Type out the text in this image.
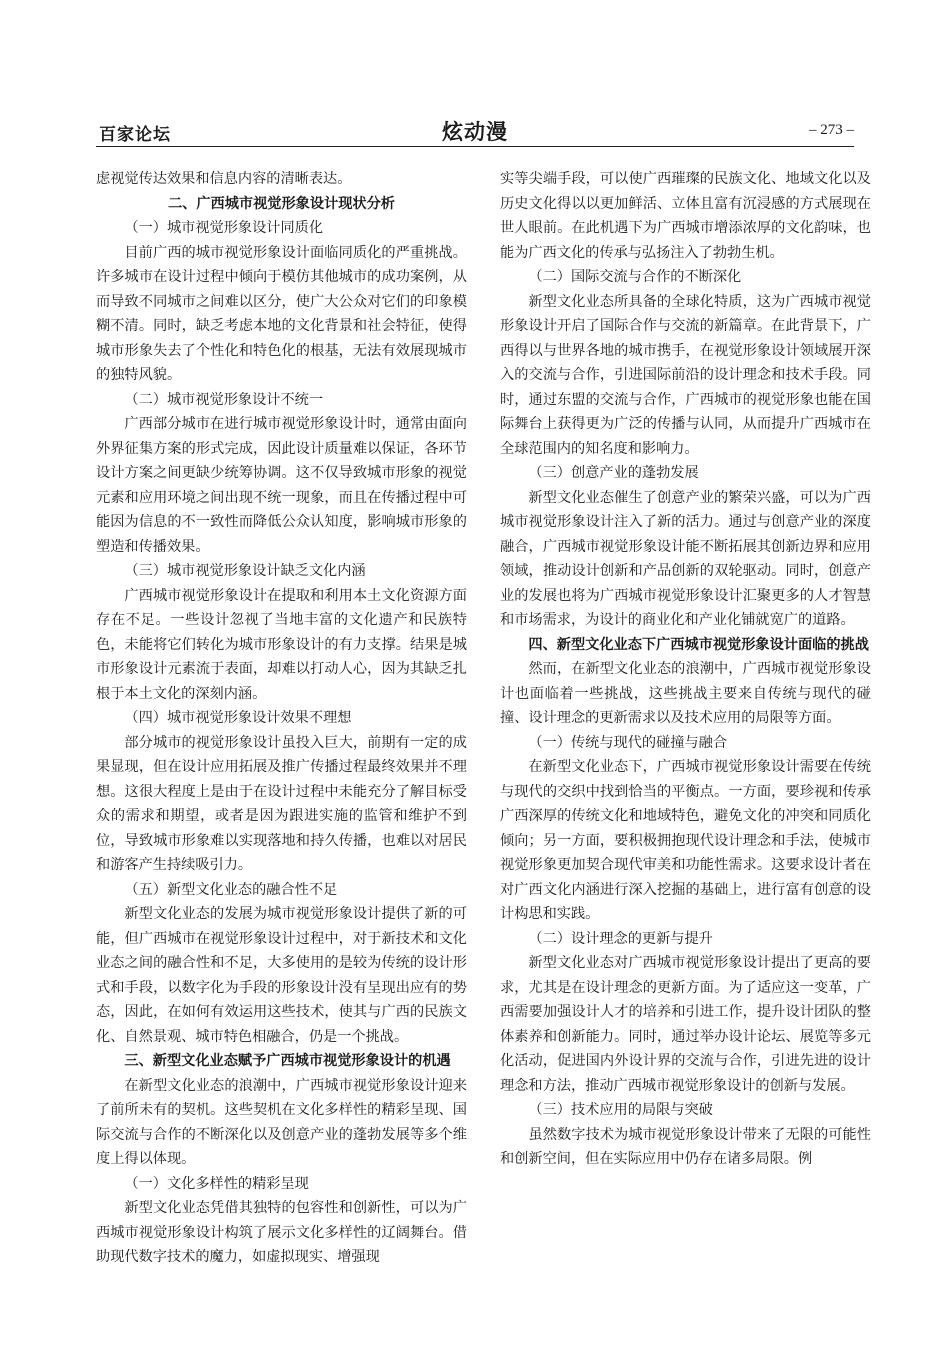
百家论坛	炫动漫	– 273 –

虑视觉传达效果和信息内容的清晰表达。

二、广西城市视觉形象设计现状分析

（一）城市视觉形象设计同质化

目前广西的城市视觉形象设计面临同质化的严重挑战。许多城市在设计过程中倾向于模仿其他城市的成功案例，从而导致不同城市之间难以区分，使广大公众对它们的印象模糊不清。同时，缺乏考虑本地的文化背景和社会特征，使得城市形象失去了个性化和特色化的根基，无法有效展现城市的独特风貌。

（二）城市视觉形象设计不统一

广西部分城市在进行城市视觉形象设计时，通常由面向外界征集方案的形式完成，因此设计质量难以保证，各环节设计方案之间更缺少统筹协调。这不仅导致城市形象的视觉元素和应用环境之间出现不统一现象，而且在传播过程中可能因为信息的不一致性而降低公众认知度，影响城市形象的塑造和传播效果。

（三）城市视觉形象设计缺乏文化内涵

广西城市视觉形象设计在提取和利用本土文化资源方面存在不足。一些设计忽视了当地丰富的文化遗产和民族特色，未能将它们转化为城市形象设计的有力支撑。结果是城市形象设计元素流于表面，却难以打动人心，因为其缺乏扎根于本土文化的深刻内涵。

（四）城市视觉形象设计效果不理想

部分城市的视觉形象设计虽投入巨大，前期有一定的成果显现，但在设计应用拓展及推广传播过程最终效果并不理想。这很大程度上是由于在设计过程中未能充分了解目标受众的需求和期望，或者是因为跟进实施的监管和维护不到位，导致城市形象难以实现落地和持久传播，也难以对居民和游客产生持续吸引力。

（五）新型文化业态的融合性不足

新型文化业态的发展为城市视觉形象设计提供了新的可能，但广西城市在视觉形象设计过程中，对于新技术和文化业态之间的融合性和不足，大多使用的是较为传统的设计形式和手段，以数字化为手段的形象设计没有呈现出应有的势态，因此，在如何有效运用这些技术，使其与广西的民族文化、自然景观、城市特色相融合，仍是一个挑战。

三、新型文化业态赋予广西城市视觉形象设计的机遇

在新型文化业态的浪潮中，广西城市视觉形象设计迎来了前所未有的契机。这些契机在文化多样性的精彩呈现、国际交流与合作的不断深化以及创意产业的蓬勃发展等多个维度上得以体现。

（一）文化多样性的精彩呈现

新型文化业态凭借其独特的包容性和创新性，可以为广西城市视觉形象设计构筑了展示文化多样性的辽阔舞台。借助现代数字技术的魔力，如虚拟现实、增强现

实等尖端手段，可以使广西璀璨的民族文化、地域文化以及历史文化得以以更加鲜活、立体且富有沉浸感的方式展现在世人眼前。在此机遇下为广西城市增添浓厚的文化韵味，也能为广西文化的传承与弘扬注入了勃勃生机。

（二）国际交流与合作的不断深化

新型文化业态所具备的全球化特质，这为广西城市视觉形象设计开启了国际合作与交流的新篇章。在此背景下，广西得以与世界各地的城市携手，在视觉形象设计领域展开深入的交流与合作，引进国际前沿的设计理念和技术手段。同时，通过东盟的交流与合作，广西城市的视觉形象也能在国际舞台上获得更为广泛的传播与认同，从而提升广西城市在全球范围内的知名度和影响力。

（三）创意产业的蓬勃发展

新型文化业态催生了创意产业的繁荣兴盛，可以为广西城市视觉形象设计注入了新的活力。通过与创意产业的深度融合，广西城市视觉形象设计能不断拓展其创新边界和应用领域，推动设计创新和产品创新的双轮驱动。同时，创意产业的发展也将为广西城市视觉形象设计汇聚更多的人才智慧和市场需求，为设计的商业化和产业化铺就宽广的道路。

四、新型文化业态下广西城市视觉形象设计面临的挑战

然而，在新型文化业态的浪潮中，广西城市视觉形象设计也面临着一些挑战，这些挑战主要来自传统与现代的碰撞、设计理念的更新需求以及技术应用的局限等方面。

（一）传统与现代的碰撞与融合

在新型文化业态下，广西城市视觉形象设计需要在传统与现代的交织中找到恰当的平衡点。一方面，要珍视和传承广西深厚的传统文化和地域特色，避免文化的冲突和同质化倾向；另一方面，要积极拥抱现代设计理念和手法，使城市视觉形象更加契合现代审美和功能性需求。这要求设计者在对广西文化内涵进行深入挖掘的基础上，进行富有创意的设计构思和实践。

（二）设计理念的更新与提升

新型文化业态对广西城市视觉形象设计提出了更高的要求，尤其是在设计理念的更新方面。为了适应这一变革，广西需要加强设计人才的培养和引进工作，提升设计团队的整体素养和创新能力。同时，通过举办设计论坛、展览等多元化活动，促进国内外设计界的交流与合作，引进先进的设计理念和方法，推动广西城市视觉形象设计的创新与发展。

（三）技术应用的局限与突破

虽然数字技术为城市视觉形象设计带来了无限的可能性和创新空间，但在实际应用中仍存在诸多局限。例
